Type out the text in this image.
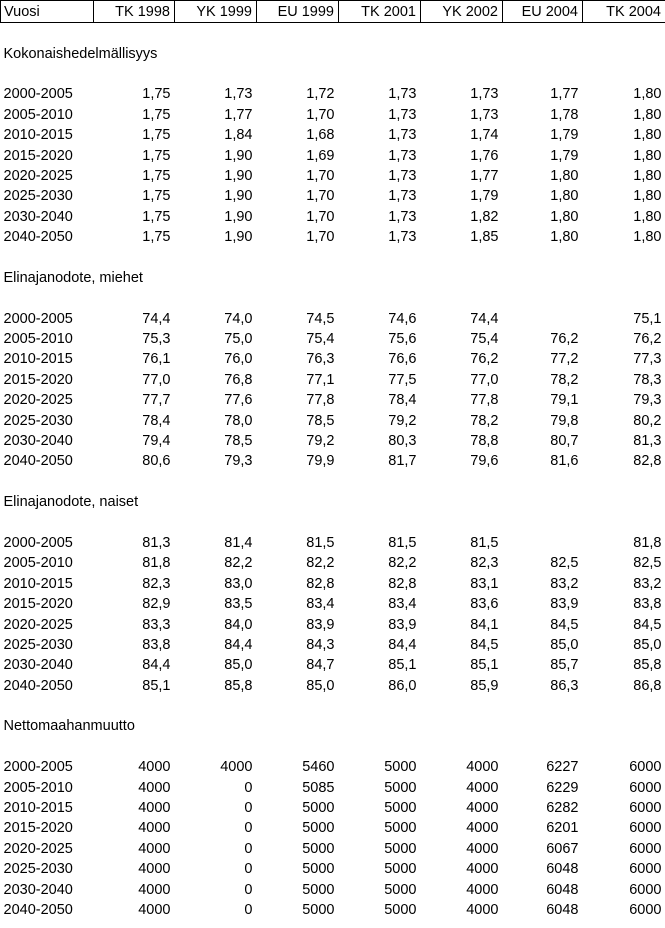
Vuosi	TK 1998	YK 1999	EU 1999	TK 2001	YK 2002	EU 2004	TK 2004

Kokonaishedelmällisyys							

2000-2005	1,75	1,73	1,72	1,73	1,73	1,77	1,80
2005-2010	1,75	1,77	1,70	1,73	1,73	1,78	1,80
2010-2015	1,75	1,84	1,68	1,73	1,74	1,79	1,80
2015-2020	1,75	1,90	1,69	1,73	1,76	1,79	1,80
2020-2025	1,75	1,90	1,70	1,73	1,77	1,80	1,80
2025-2030	1,75	1,90	1,70	1,73	1,79	1,80	1,80
2030-2040	1,75	1,90	1,70	1,73	1,82	1,80	1,80
2040-2050	1,75	1,90	1,70	1,73	1,85	1,80	1,80

Elinajanodote, miehet							

2000-2005	74,4	74,0	74,5	74,6	74,4		75,1
2005-2010	75,3	75,0	75,4	75,6	75,4	76,2	76,2
2010-2015	76,1	76,0	76,3	76,6	76,2	77,2	77,3
2015-2020	77,0	76,8	77,1	77,5	77,0	78,2	78,3
2020-2025	77,7	77,6	77,8	78,4	77,8	79,1	79,3
2025-2030	78,4	78,0	78,5	79,2	78,2	79,8	80,2
2030-2040	79,4	78,5	79,2	80,3	78,8	80,7	81,3
2040-2050	80,6	79,3	79,9	81,7	79,6	81,6	82,8

Elinajanodote, naiset							

2000-2005	81,3	81,4	81,5	81,5	81,5		81,8
2005-2010	81,8	82,2	82,2	82,2	82,3	82,5	82,5
2010-2015	82,3	83,0	82,8	82,8	83,1	83,2	83,2
2015-2020	82,9	83,5	83,4	83,4	83,6	83,9	83,8
2020-2025	83,3	84,0	83,9	83,9	84,1	84,5	84,5
2025-2030	83,8	84,4	84,3	84,4	84,5	85,0	85,0
2030-2040	84,4	85,0	84,7	85,1	85,1	85,7	85,8
2040-2050	85,1	85,8	85,0	86,0	85,9	86,3	86,8

Nettomaahanmuutto							

2000-2005	4000	4000	5460	5000	4000	6227	6000
2005-2010	4000	0	5085	5000	4000	6229	6000
2010-2015	4000	0	5000	5000	4000	6282	6000
2015-2020	4000	0	5000	5000	4000	6201	6000
2020-2025	4000	0	5000	5000	4000	6067	6000
2025-2030	4000	0	5000	5000	4000	6048	6000
2030-2040	4000	0	5000	5000	4000	6048	6000
2040-2050	4000	0	5000	5000	4000	6048	6000
